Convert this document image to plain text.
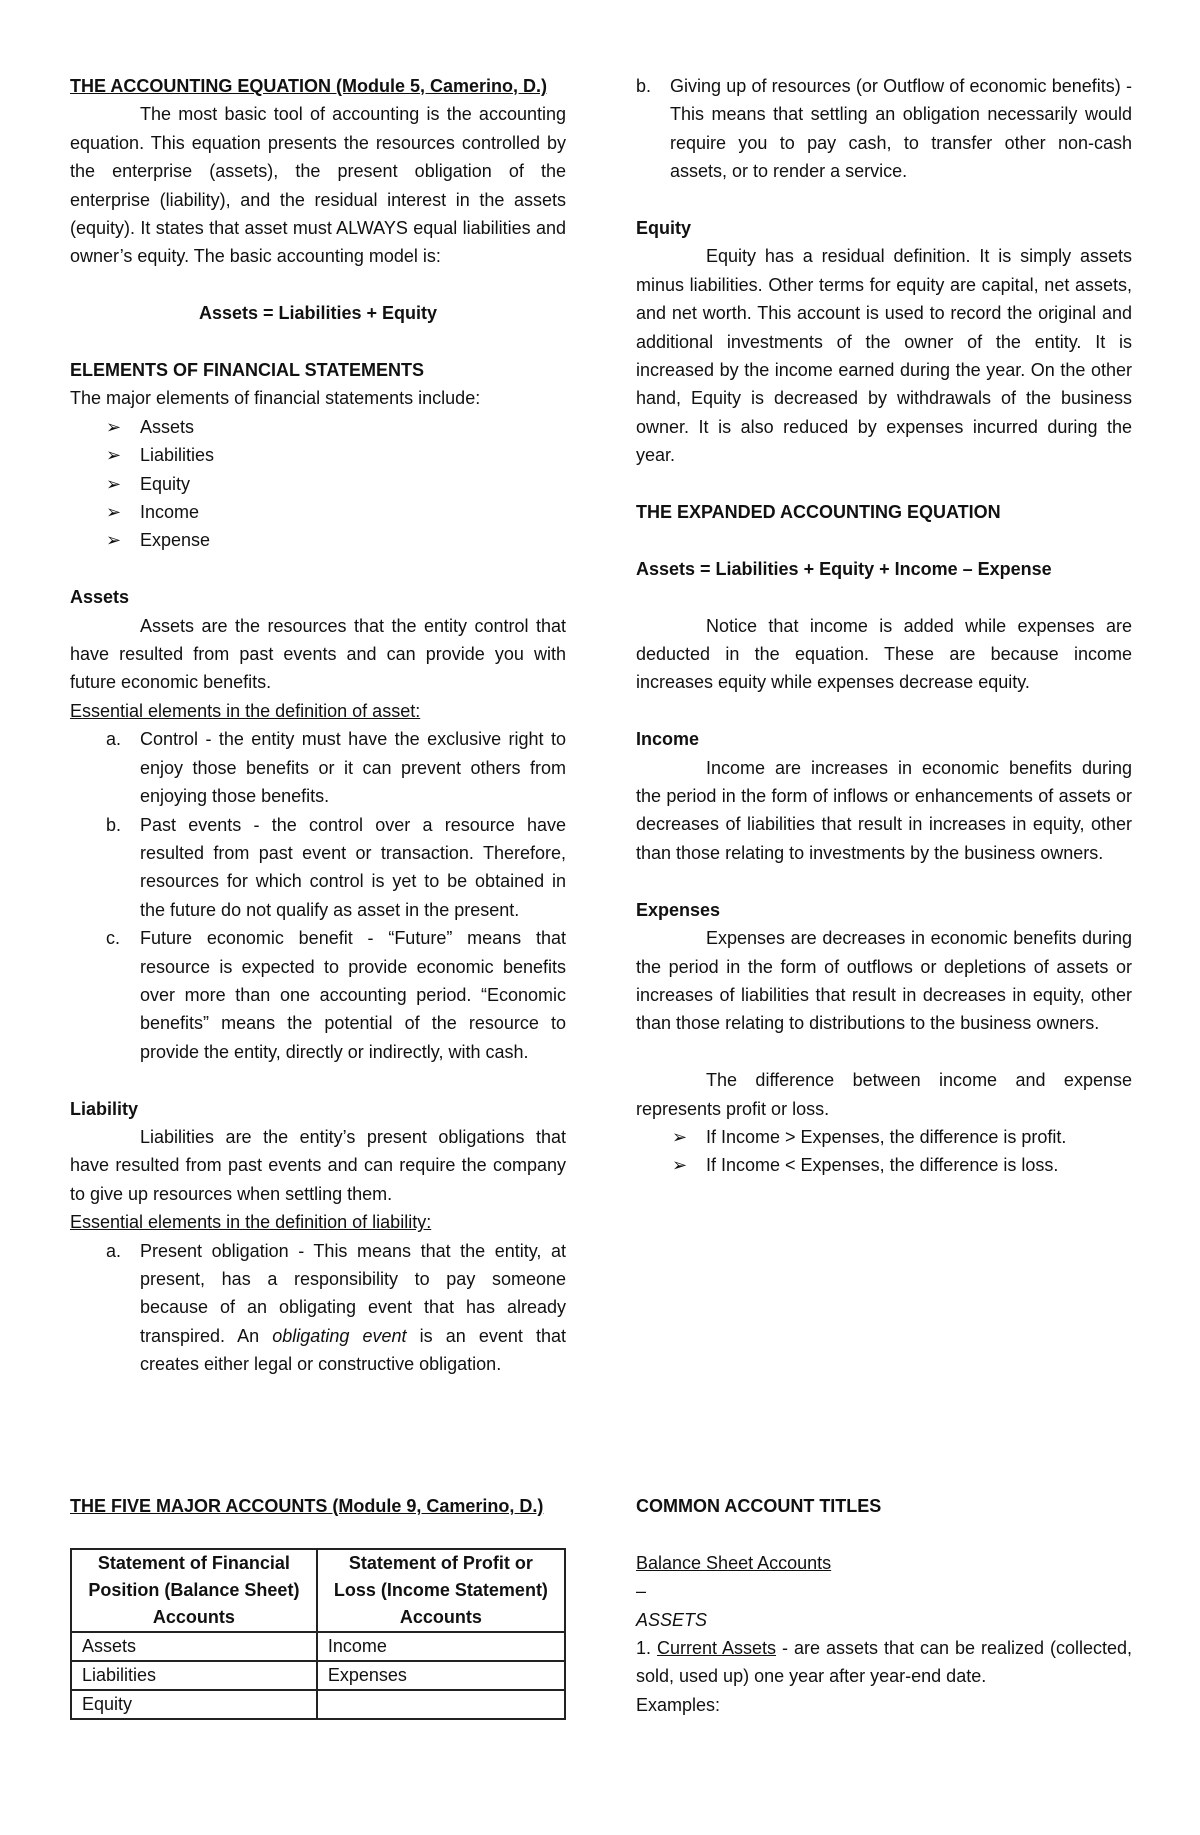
THE ACCOUNTING EQUATION (Module 5, Camerino, D.)

The most basic tool of accounting is the accounting equation. This equation presents the resources controlled by the enterprise (assets), the present obligation of the enterprise (liability), and the residual interest in the assets (equity). It states that asset must ALWAYS equal liabilities and owner’s equity. The basic accounting model is:

Assets = Liabilities + Equity

ELEMENTS OF FINANCIAL STATEMENTS

The major elements of financial statements include:

➢ Assets
➢ Liabilities
➢ Equity
➢ Income
➢ Expense

Assets

Assets are the resources that the entity control that have resulted from past events and can provide you with future economic benefits.

Essential elements in the definition of asset:

a. Control - the entity must have the exclusive right to enjoy those benefits or it can prevent others from enjoying those benefits.
b. Past events - the control over a resource have resulted from past event or transaction. Therefore, resources for which control is yet to be obtained in the future do not qualify as asset in the present.
c. Future economic benefit - “Future” means that resource is expected to provide economic benefits over more than one accounting period. “Economic benefits” means the potential of the resource to provide the entity, directly or indirectly, with cash.

Liability

Liabilities are the entity’s present obligations that have resulted from past events and can require the company to give up resources when settling them.

Essential elements in the definition of liability:

a. Present obligation - This means that the entity, at present, has a responsibility to pay someone because of an obligating event that has already transpired. An obligating event is an event that creates either legal or constructive obligation.
b. Giving up of resources (or Outflow of economic benefits) - This means that settling an obligation necessarily would require you to pay cash, to transfer other non-cash assets, or to render a service.

Equity

Equity has a residual definition. It is simply assets minus liabilities. Other terms for equity are capital, net assets, and net worth. This account is used to record the original and additional investments of the owner of the entity. It is increased by the income earned during the year. On the other hand, Equity is decreased by withdrawals of the business owner. It is also reduced by expenses incurred during the year.

THE EXPANDED ACCOUNTING EQUATION

Assets = Liabilities + Equity + Income – Expense

Notice that income is added while expenses are deducted in the equation. These are because income increases equity while expenses decrease equity.

Income

Income are increases in economic benefits during the period in the form of inflows or enhancements of assets or decreases of liabilities that result in increases in equity, other than those relating to investments by the business owners.

Expenses

Expenses are decreases in economic benefits during the period in the form of outflows or depletions of assets or increases of liabilities that result in decreases in equity, other than those relating to distributions to the business owners.

The difference between income and expense represents profit or loss.

➢ If Income > Expenses, the difference is profit.
➢ If Income < Expenses, the difference is loss.

THE FIVE MAJOR ACCOUNTS (Module 9, Camerino, D.)

Statement of Financial Position (Balance Sheet) Accounts	Statement of Profit or Loss (Income Statement) Accounts
Assets	Income
Liabilities	Expenses
Equity	

COMMON ACCOUNT TITLES

Balance Sheet Accounts

–

ASSETS

1. Current Assets - are assets that can be realized (collected, sold, used up) one year after year-end date.

Examples:
